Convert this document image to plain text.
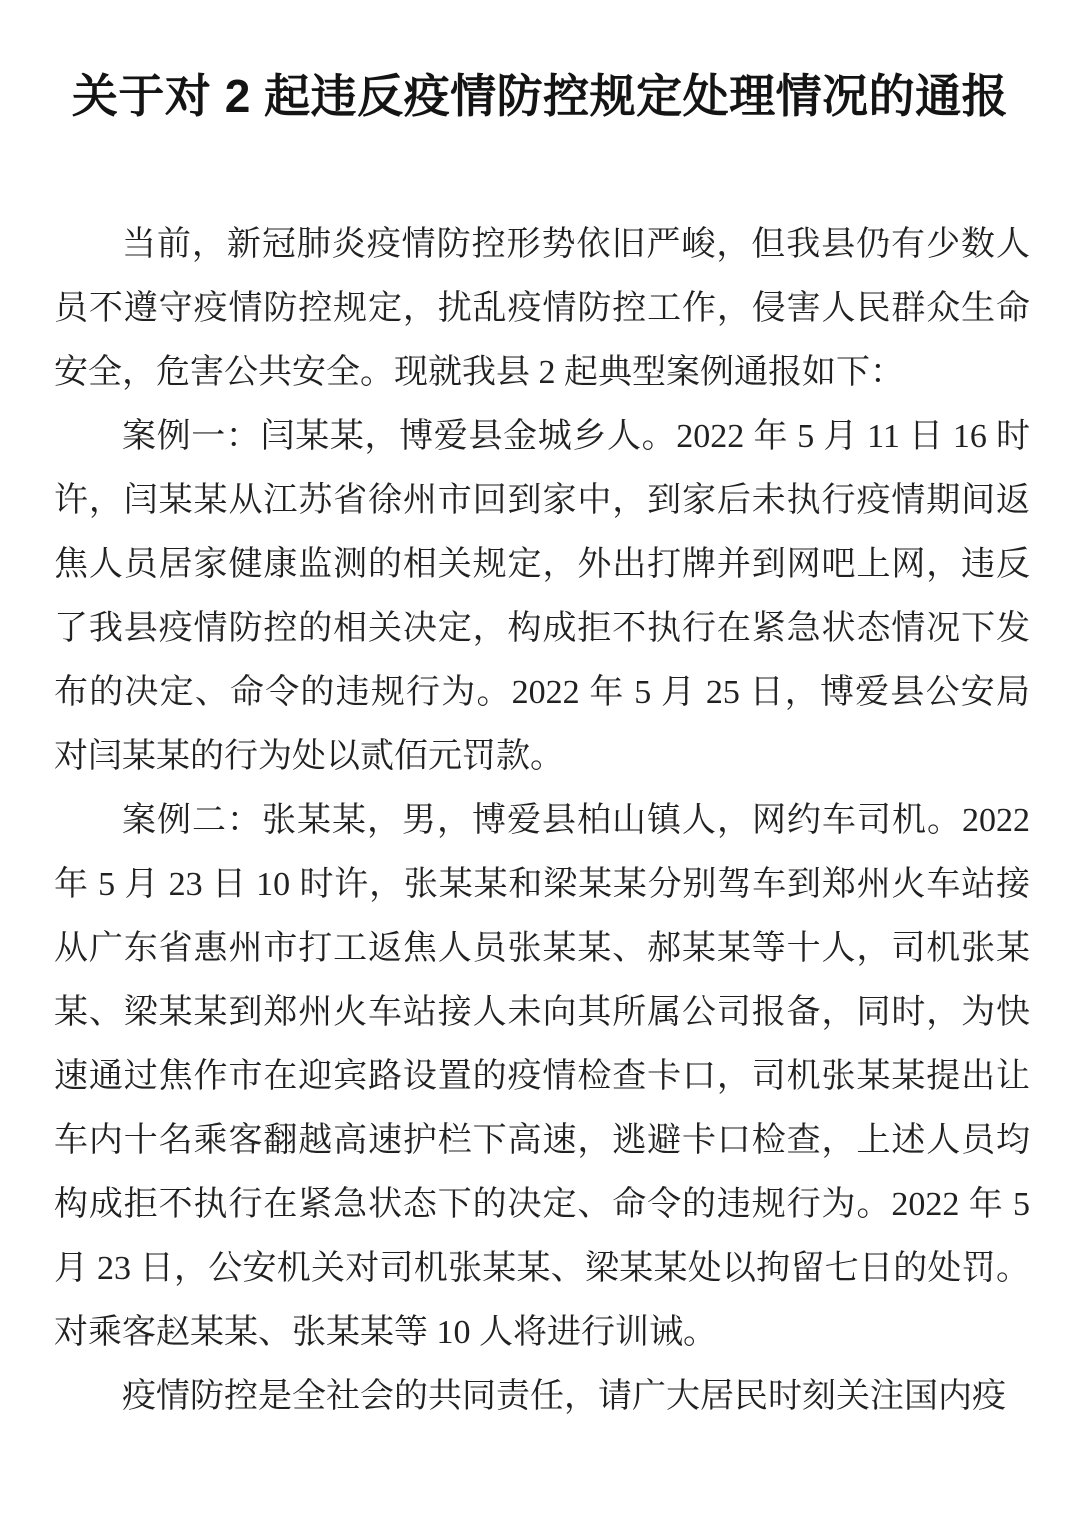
关于对 2 起违反疫情防控规定处理情况的通报

当前，新冠肺炎疫情防控形势依旧严峻，但我县仍有少数人员不遵守疫情防控规定，扰乱疫情防控工作，侵害人民群众生命安全，危害公共安全。现就我县 2 起典型案例通报如下：

案例一：闫某某，博爱县金城乡人。2022 年 5 月 11 日 16 时许，闫某某从江苏省徐州市回到家中，到家后未执行疫情期间返焦人员居家健康监测的相关规定，外出打牌并到网吧上网，违反了我县疫情防控的相关决定，构成拒不执行在紧急状态情况下发布的决定、命令的违规行为。2022 年 5 月 25 日，博爱县公安局对闫某某的行为处以贰佰元罚款。

案例二：张某某，男，博爱县柏山镇人，网约车司机。2022 年 5 月 23 日 10 时许，张某某和梁某某分别驾车到郑州火车站接从广东省惠州市打工返焦人员张某某、郝某某等十人，司机张某某、梁某某到郑州火车站接人未向其所属公司报备，同时，为快速通过焦作市在迎宾路设置的疫情检查卡口，司机张某某提出让车内十名乘客翻越高速护栏下高速，逃避卡口检查，上述人员均构成拒不执行在紧急状态下的决定、命令的违规行为。2022 年 5 月 23 日，公安机关对司机张某某、梁某某处以拘留七日的处罚。对乘客赵某某、张某某等 10 人将进行训诫。

疫情防控是全社会的共同责任，请广大居民时刻关注国内疫
